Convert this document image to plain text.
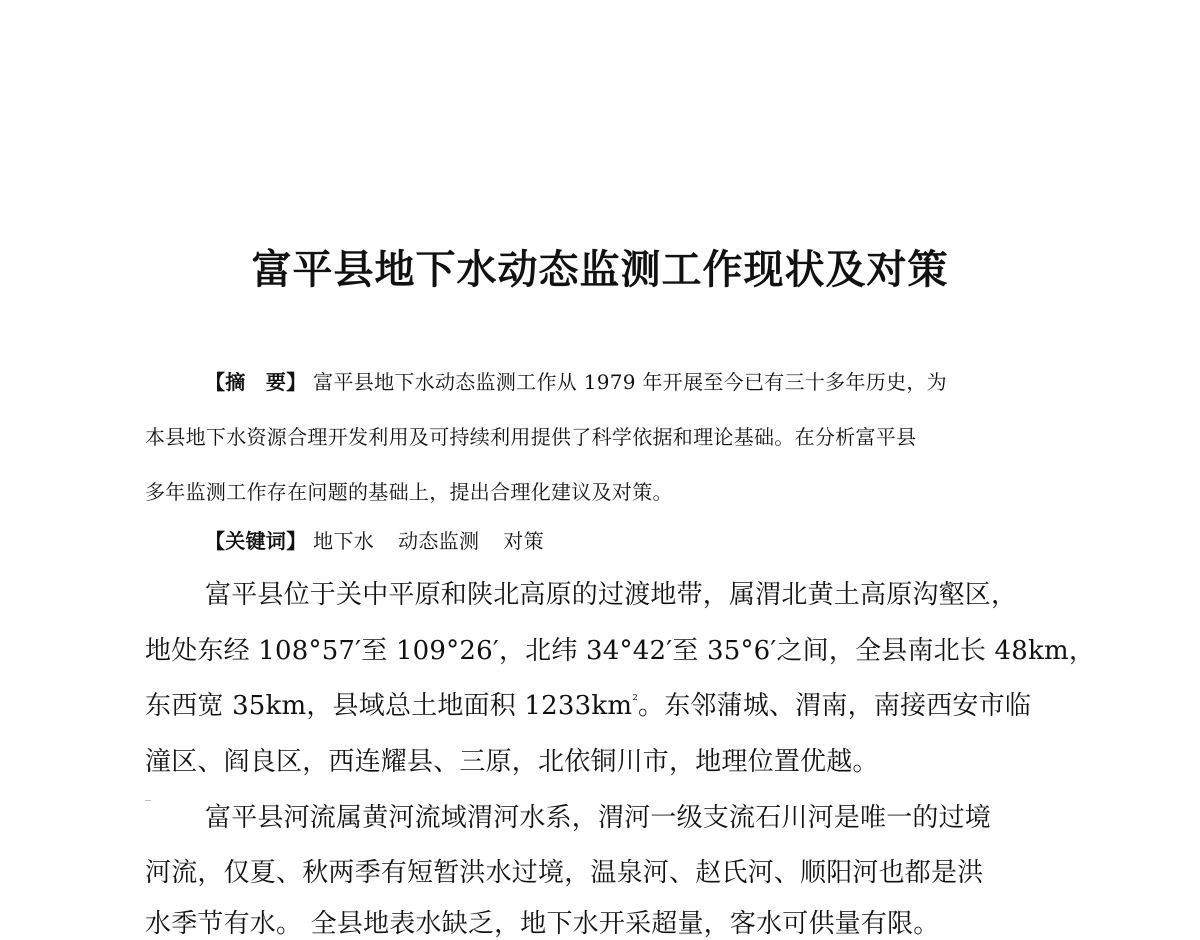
富平县地下水动态监测工作现状及对策
【摘　要】 富平县地下水动态监测工作从 1979 年开展至今已有三十多年历史，为
本县地下水资源合理开发利用及可持续利用提供了科学依据和理论基础。在分析富平县
多年监测工作存在问题的基础上，提出合理化建议及对策。
【关键词】 地下水 动态监测 对策
富平县位于关中平原和陕北高原的过渡地带，属渭北黄土高原沟壑区，
地处东经 108°57′至 109°26′，北纬 34°42′至 35°6′之间，全县南北长 48km，
东西宽 35km，县域总土地面积 $1233km^{^2}$。东邻蒲城、渭南，南接西安市临
潼区、阎良区，西连耀县、三原，北依铜川市，地理位置优越。
富平县河流属黄河流域渭河水系，渭河一级支流石川河是唯一的过境
河流，仅夏、秋两季有短暂洪水过境，温泉河、赵氏河、顺阳河也都是洪
水季节有水。 全县地表水缺乏，地下水开采超量，客水可供量有限。
